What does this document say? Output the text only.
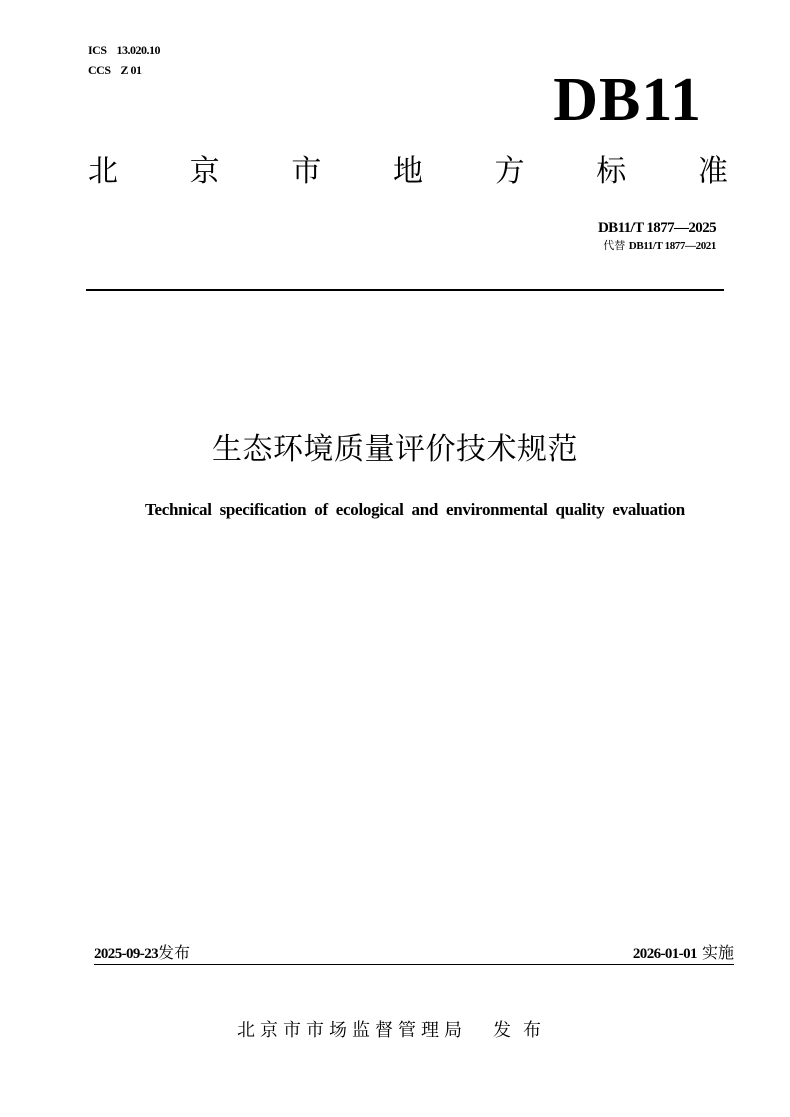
ICS 13.020.10
CCS Z 01	DB11
北 京 市 地 方 标 准
DB11/T 1877—2025
代替 DB11/T 1877—2021
生态环境质量评价技术规范
Technical specification of ecological and environmental quality evaluation
2025-09-23发布	2026-01-01 实施
北京市市场监督管理局 发布
